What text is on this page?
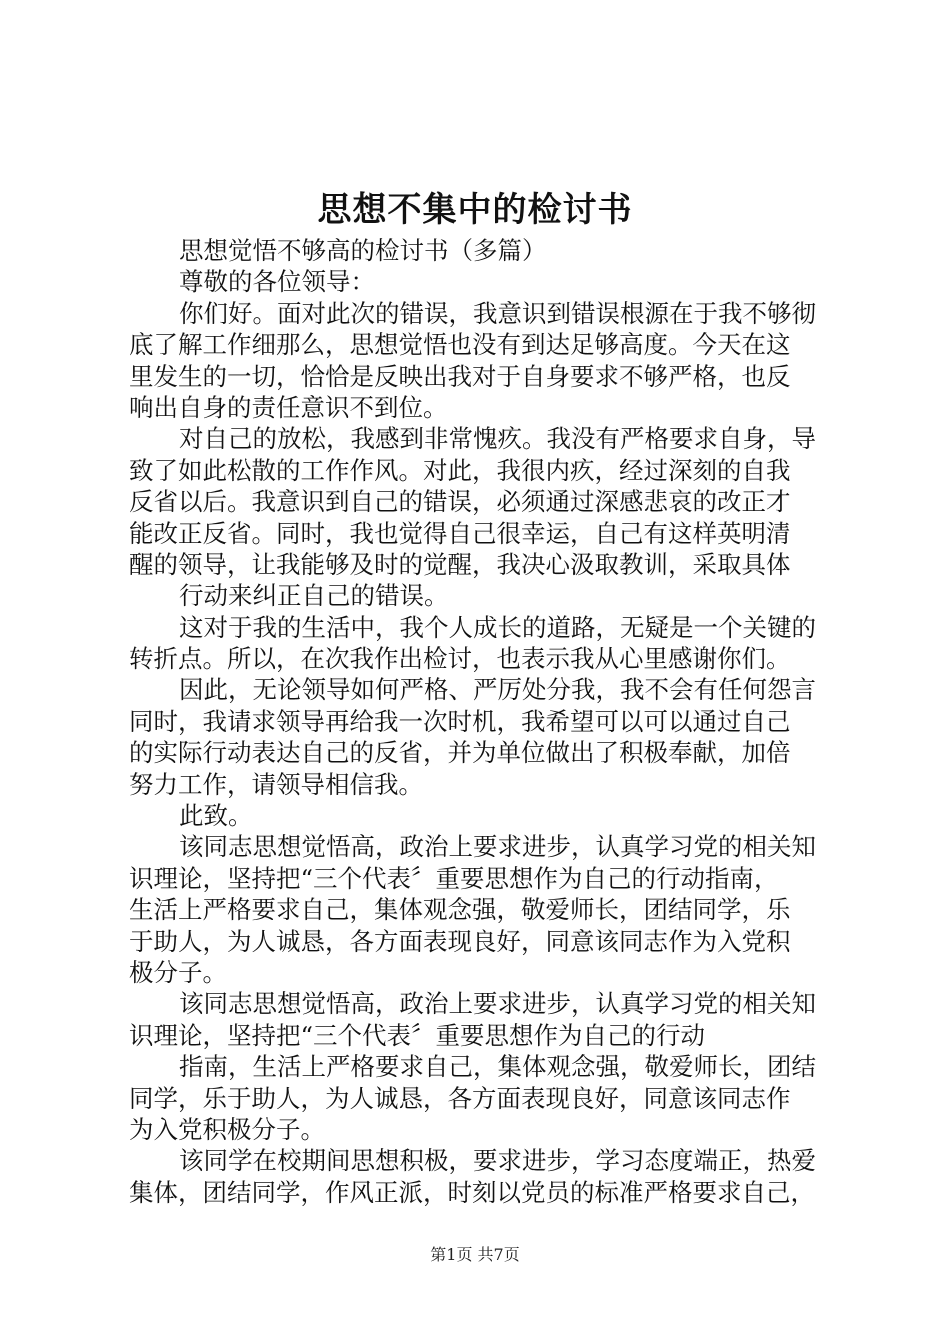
思想不集中的检讨书
思想觉悟不够高的检讨书（多篇）
尊敬的各位领导：
你们好。面对此次的错误，我意识到错误根源在于我不够彻
底了解工作细那么，思想觉悟也没有到达足够高度。今天在这
里发生的一切，恰恰是反映出我对于自身要求不够严格，也反
响出自身的责任意识不到位。
对自己的放松，我感到非常愧疚。我没有严格要求自身，导
致了如此松散的工作作风。对此，我很内疚，经过深刻的自我
反省以后。我意识到自己的错误，必须通过深感悲哀的改正才
能改正反省。同时，我也觉得自己很幸运，自己有这样英明清
醒的领导，让我能够及时的觉醒，我决心汲取教训，采取具体
行动来纠正自己的错误。
这对于我的生活中，我个人成长的道路，无疑是一个关键的
转折点。所以，在次我作出检讨，也表示我从心里感谢你们。
因此，无论领导如何严格、严厉处分我，我不会有任何怨言
同时，我请求领导再给我一次时机，我希望可以可以通过自己
的实际行动表达自己的反省，并为单位做出了积极奉献，加倍
努力工作，请领导相信我。
此致。
该同志思想觉悟高，政治上要求进步，认真学习党的相关知
识理论，坚持把“三个代表〞重要思想作为自己的行动指南，
生活上严格要求自己，集体观念强，敬爱师长，团结同学，乐
于助人，为人诚恳，各方面表现良好，同意该同志作为入党积
极分子。
该同志思想觉悟高，政治上要求进步，认真学习党的相关知
识理论，坚持把“三个代表〞重要思想作为自己的行动
指南，生活上严格要求自己，集体观念强，敬爱师长，团结
同学，乐于助人，为人诚恳，各方面表现良好，同意该同志作
为入党积极分子。
该同学在校期间思想积极，要求进步，学习态度端正，热爱
集体，团结同学，作风正派，时刻以党员的标准严格要求自己，
第1页 共7页
